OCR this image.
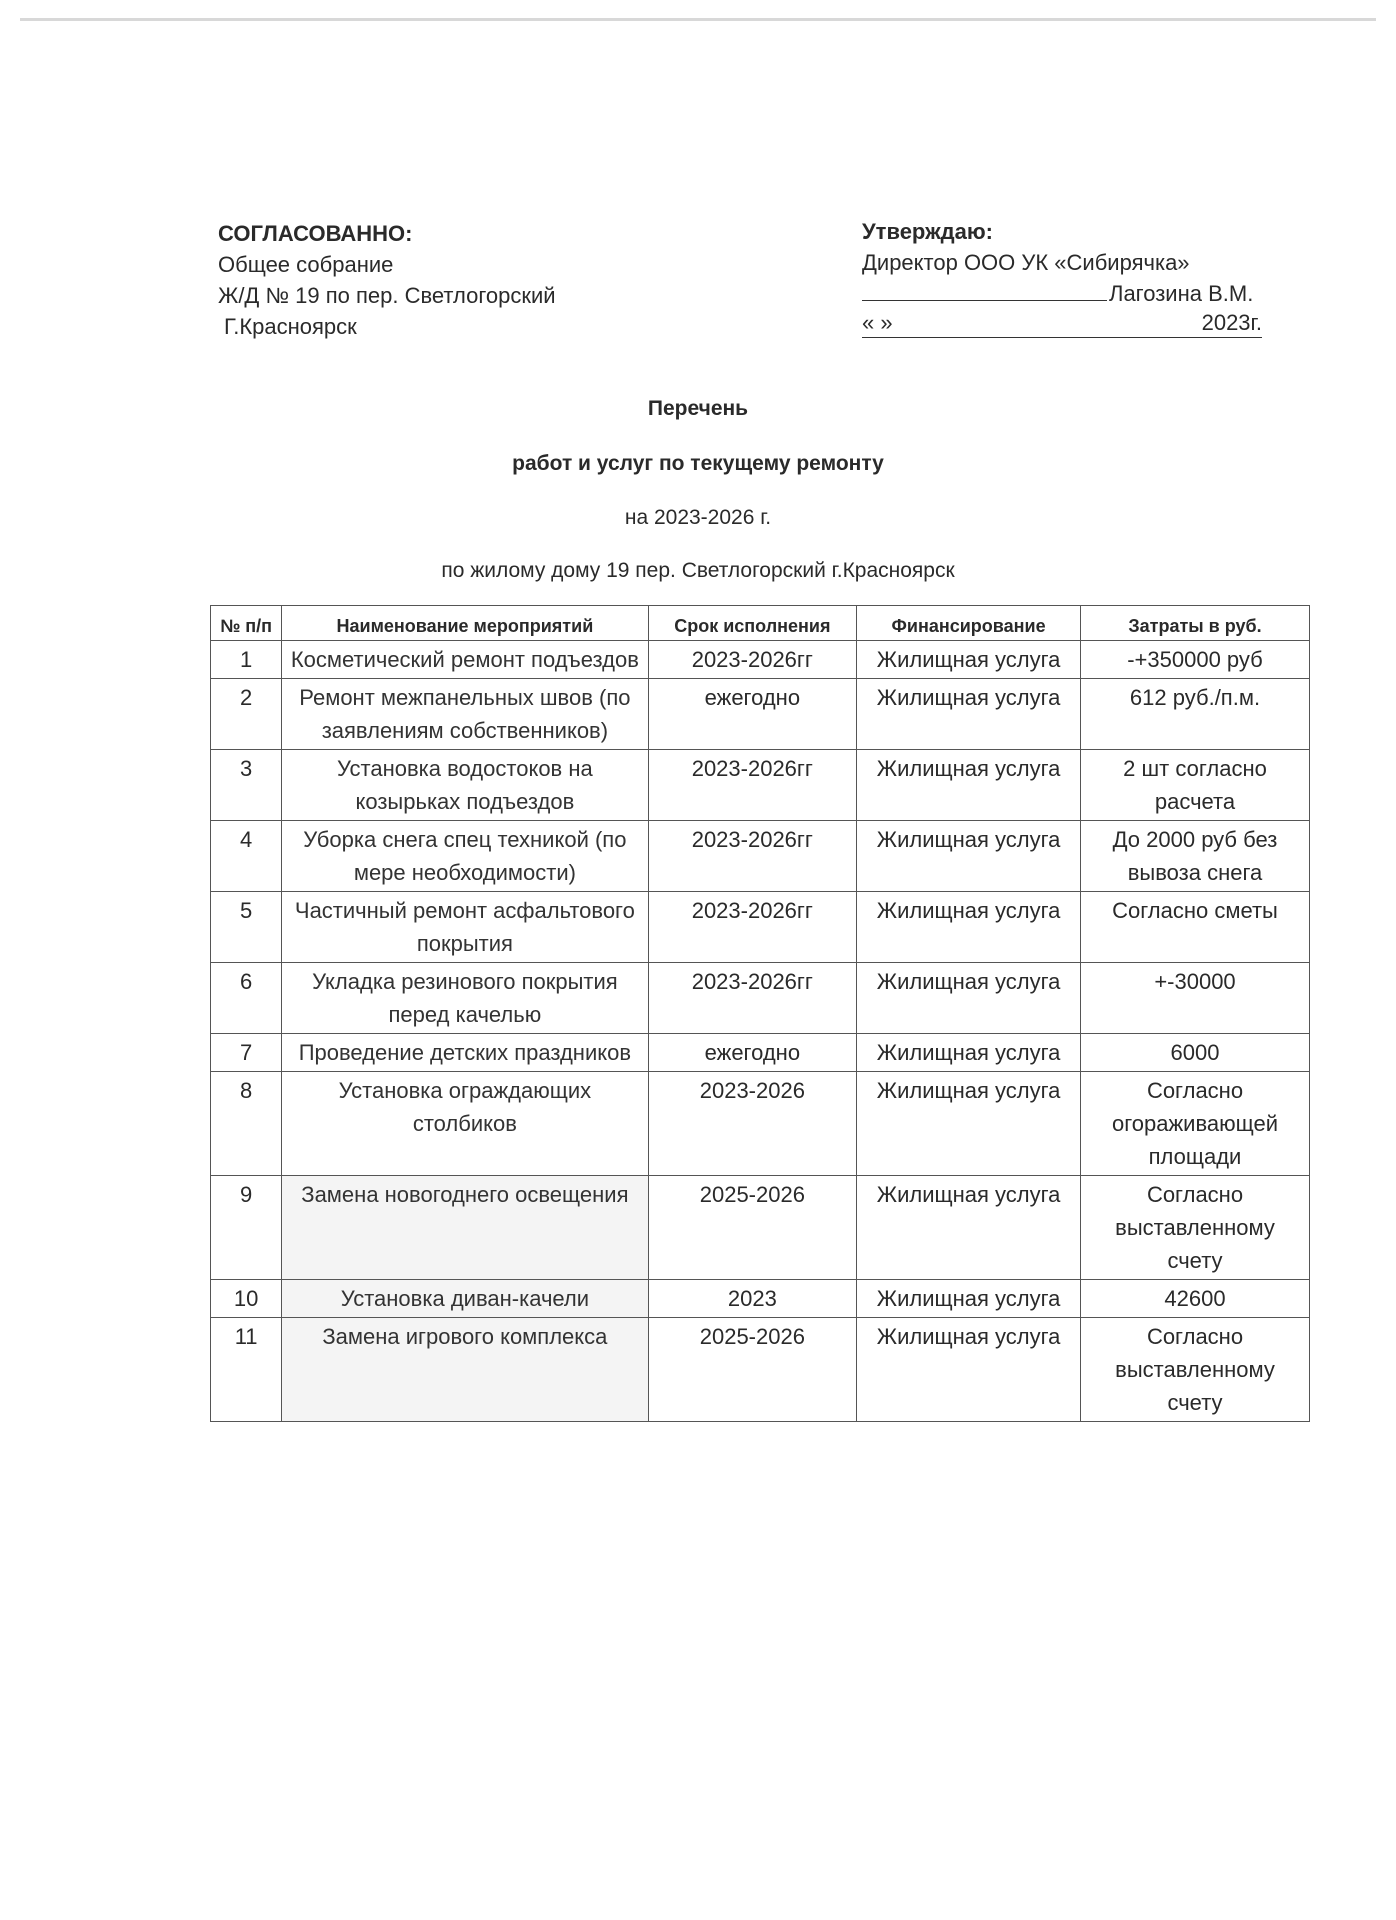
СОГЛАСОВАННО:
Общее собрание
Ж/Д № 19 по пер. Светлогорский
Г.Красноярск
Утверждаю:
Директор ООО УК «Сибирячка»
Лагозина В.М.
« »	2023г.
Перечень
работ и услуг по текущему ремонту
на 2023-2026 г.
по жилому дому 19 пер. Светлогорский г.Красноярск
№ п/п	Наименование мероприятий	Срок исполнения	Финансирование	Затраты в руб.
1	Косметический ремонт подъездов	2023-2026гг	Жилищная услуга	-+350000 руб
2	Ремонт межпанельных швов (по заявлениям собственников)	ежегодно	Жилищная услуга	612 руб./п.м.
3	Установка водостоков на козырьках подъездов	2023-2026гг	Жилищная услуга	2 шт согласно расчета
4	Уборка снега спец техникой (по мере необходимости)	2023-2026гг	Жилищная услуга	До 2000 руб без вывоза снега
5	Частичный ремонт асфальтового покрытия	2023-2026гг	Жилищная услуга	Согласно сметы
6	Укладка резинового покрытия перед качелью	2023-2026гг	Жилищная услуга	+-30000
7	Проведение детских праздников	ежегодно	Жилищная услуга	6000
8	Установка ограждающих столбиков	2023-2026	Жилищная услуга	Согласно огораживающей площади
9	Замена новогоднего освещения	2025-2026	Жилищная услуга	Согласно выставленному счету
10	Установка диван-качели	2023	Жилищная услуга	42600
11	Замена игрового комплекса	2025-2026	Жилищная услуга	Согласно выставленному счету
